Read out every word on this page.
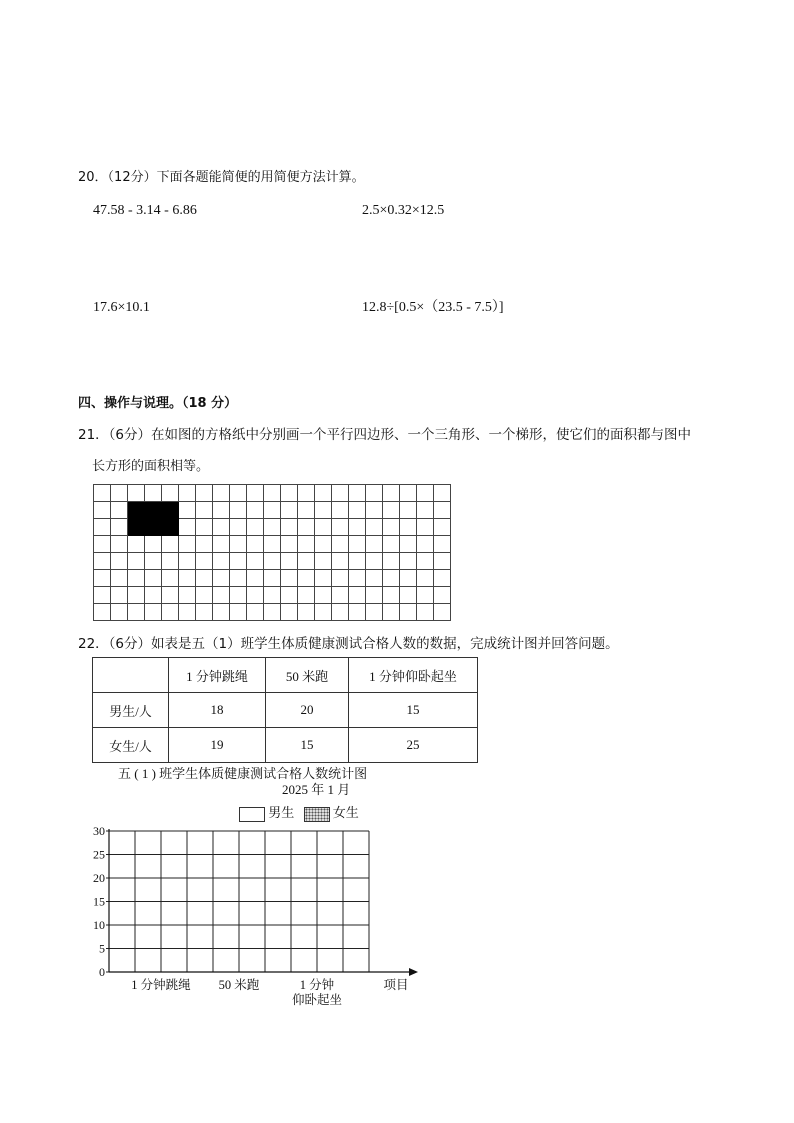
20．（12分）下面各题能简便的用简便方法计算。
47.58 - 3.14 - 6.86	2.5×0.32×12.5
17.6×10.1	12.8÷[0.5×（23.5 - 7.5）]
四、操作与说理。（18 分）
21．（6分）在如图的方格纸中分别画一个平行四边形、一个三角形、一个梯形，使它们的面积都与图中
长方形的面积相等。
22．（6分）如表是五（1）班学生体质健康测试合格人数的数据，完成统计图并回答问题。
	1 分钟跳绳	50 米跑	1 分钟仰卧起坐
男生/人	18	20	15
女生/人	19	15	25
五 ( 1 ) 班学生体质健康测试合格人数统计图
2025 年 1 月
男生	女生
0
5
10
15
20
25
30
1 分钟跳绳 50 米跑	1 分钟
仰卧起坐
项目
